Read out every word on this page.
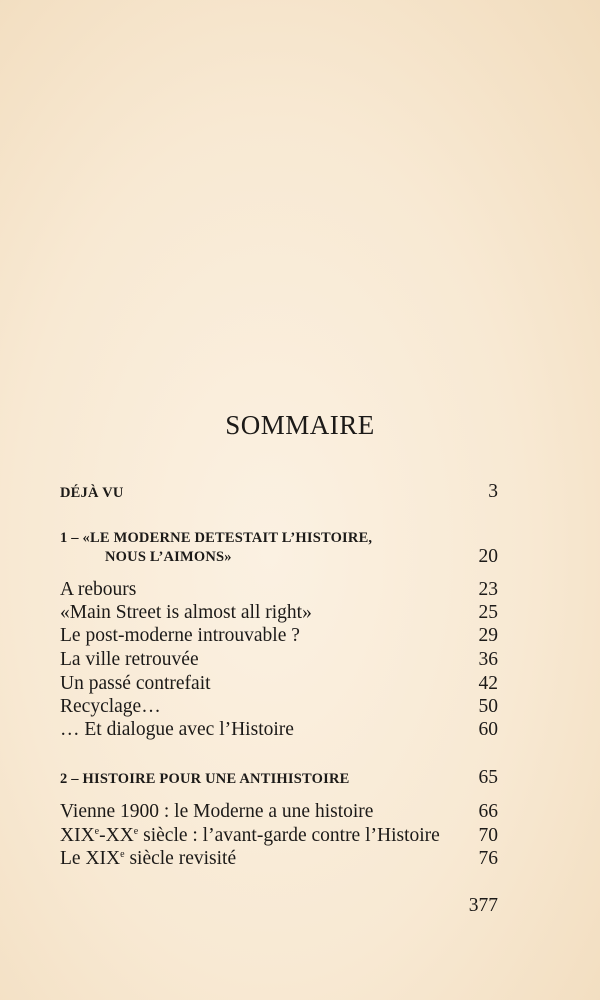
SOMMAIRE
DÉJÀ VU	3
1 – «LE MODERNE DETESTAIT L’HISTOIRE,
NOUS L’AIMONS»	20
A rebours	23
«Main Street is almost all right»	25
Le post-moderne introuvable ?	29
La ville retrouvée	36
Un passé contrefait	42
Recyclage…	50
… Et dialogue avec l’Histoire	60
2 – HISTOIRE POUR UNE ANTIHISTOIRE	65
Vienne 1900 : le Moderne a une histoire	66
XIXe-XXe siècle : l’avant-garde contre l’Histoire 70
Le XIXe siècle revisité	76
377
